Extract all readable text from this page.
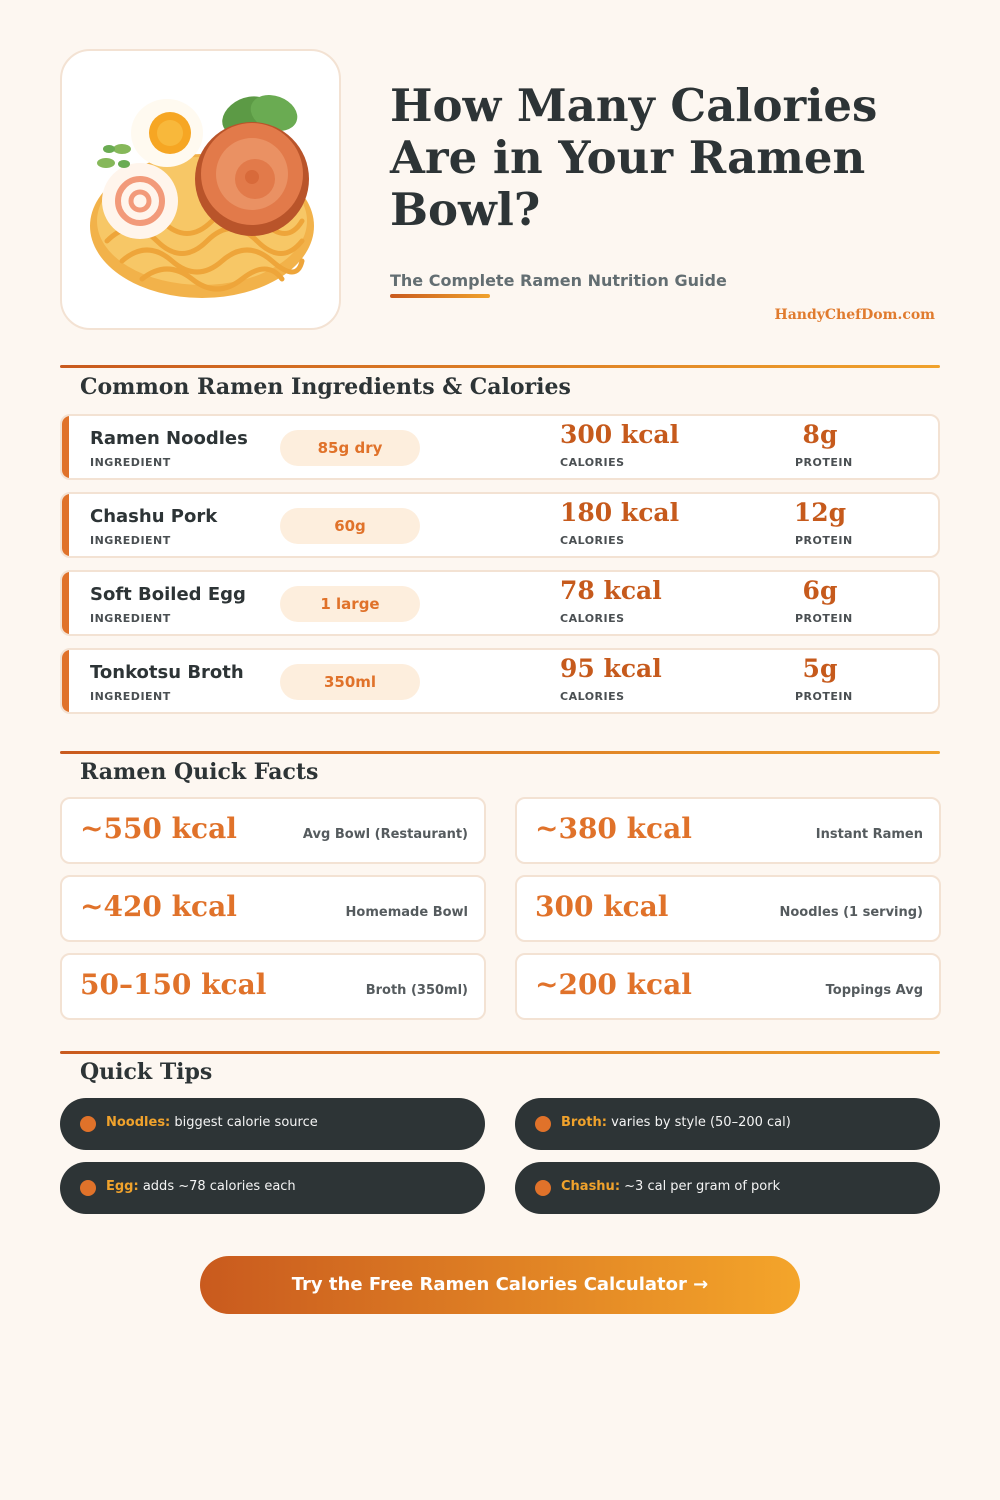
How Many Calories Are in Your Ramen Bowl?
The Complete Ramen Nutrition Guide
HandyChefDom.com
Common Ramen Ingredients & Calories
Ramen Noodles
INGREDIENT
85g dry	300 kcal
CALORIES
8g
PROTEIN
Chashu Pork
INGREDIENT
60g	180 kcal
CALORIES
12g
PROTEIN
Soft Boiled Egg
INGREDIENT
1 large	78 kcal
CALORIES
6g
PROTEIN
Tonkotsu Broth
INGREDIENT
350ml	95 kcal
CALORIES
5g
PROTEIN
Ramen Quick Facts
~550 kcal	Avg Bowl (Restaurant) ~380 kcal	Instant Ramen
~420 kcal	Homemade Bowl 300 kcal	Noodles (1 serving)
50–150 kcal	Broth (350ml) ~200 kcal	Toppings Avg
Quick Tips
Noodles: biggest calorie source	Broth: varies by style (50–200 cal)
Egg: adds ~78 calories each	Chashu: ~3 cal per gram of pork
Try the Free Ramen Calories Calculator →
